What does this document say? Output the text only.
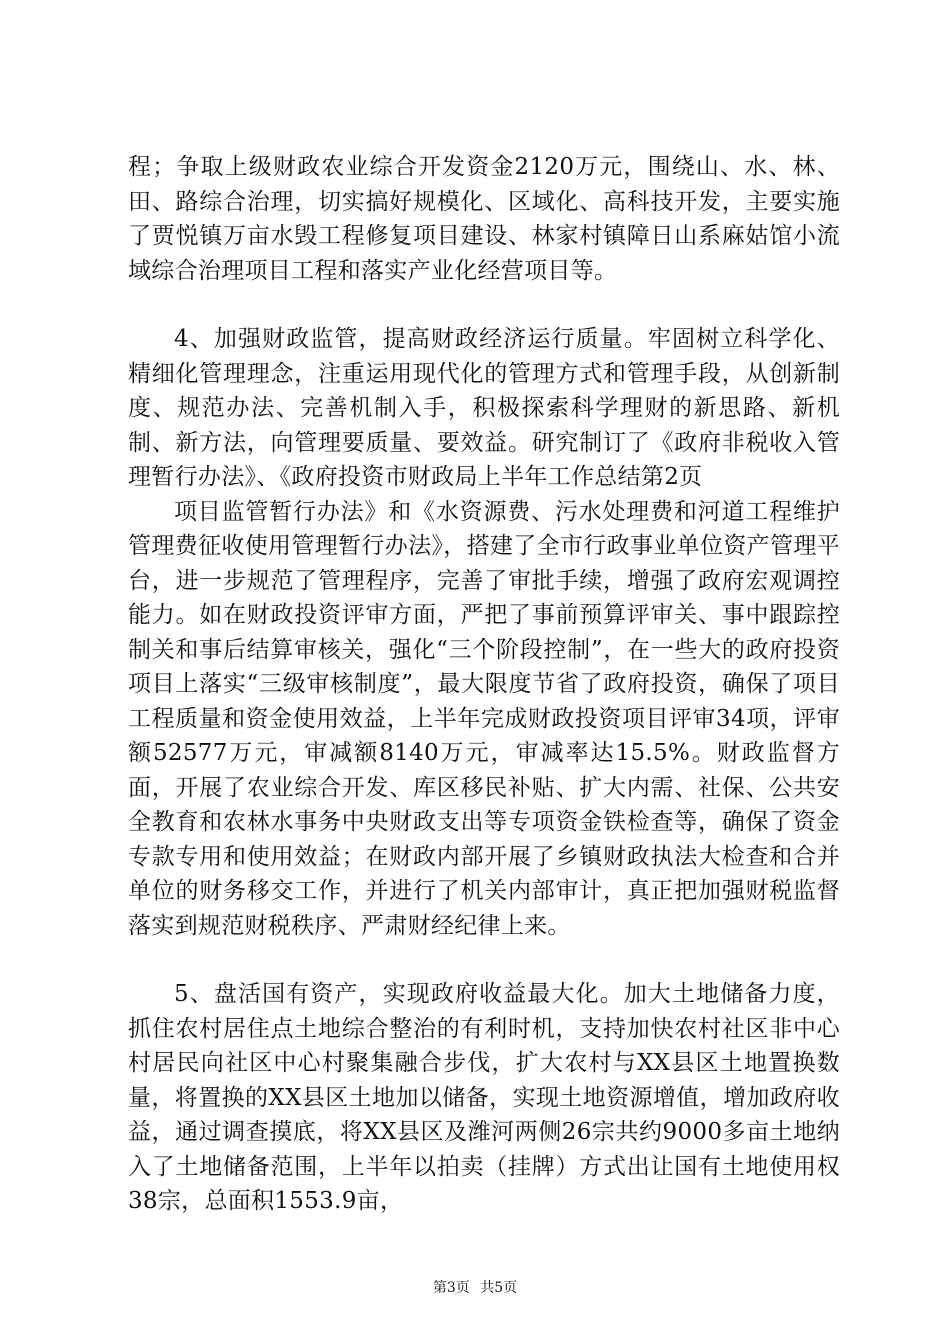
程；争取上级财政农业综合开发资金2120万元，围绕山、水、林、田、路综合治理，切实搞好规模化、区域化、高科技开发，主要实施了贾悦镇万亩水毁工程修复项目建设、林家村镇障日山系麻姑馆小流域综合治理项目工程和落实产业化经营项目等。

4、加强财政监管，提高财政经济运行质量。牢固树立科学化、精细化管理理念，注重运用现代化的管理方式和管理手段，从创新制度、规范办法、完善机制入手，积极探索科学理财的新思路、新机制、新方法，向管理要质量、要效益。研究制订了《政府非税收入管理暂行办法》、《政府投资市财政局上半年工作总结第2页

项目监管暂行办法》和《水资源费、污水处理费和河道工程维护管理费征收使用管理暂行办法》，搭建了全市行政事业单位资产管理平台，进一步规范了管理程序，完善了审批手续，增强了政府宏观调控能力。如在财政投资评审方面，严把了事前预算评审关、事中跟踪控制关和事后结算审核关，强化“三个阶段控制”，在一些大的政府投资项目上落实“三级审核制度”，最大限度节省了政府投资，确保了项目工程质量和资金使用效益，上半年完成财政投资项目评审34项，评审额52577万元，审减额8140万元，审减率达15.5%。财政监督方面，开展了农业综合开发、库区移民补贴、扩大内需、社保、公共安全教育和农林水事务中央财政支出等专项资金铁检查等，确保了资金专款专用和使用效益；在财政内部开展了乡镇财政执法大检查和合并单位的财务移交工作，并进行了机关内部审计，真正把加强财税监督落实到规范财税秩序、严肃财经纪律上来。

5、盘活国有资产，实现政府收益最大化。加大土地储备力度，抓住农村居住点土地综合整治的有利时机，支持加快农村社区非中心村居民向社区中心村聚集融合步伐，扩大农村与XX县区土地置换数量，将置换的XX县区土地加以储备，实现土地资源增值，增加政府收益，通过调查摸底，将XX县区及潍河两侧26宗共约9000多亩土地纳入了土地储备范围，上半年以拍卖（挂牌）方式出让国有土地使用权38宗，总面积1553.9亩，

第3页 共5页
